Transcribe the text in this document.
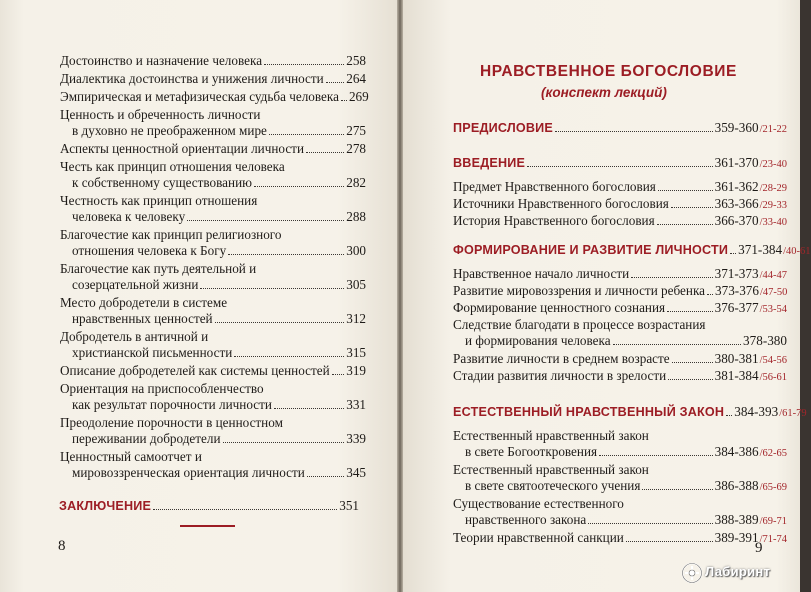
Достоинство и назначение человека	258
Диалектика достоинства и унижения личности 264
Эмпирическая и метафизическая судьба человека 269
Ценность и обреченность личности
в духовно не преображенном мире	275
Аспекты ценностной ориентации личности	278
Честь как принцип отношения человека
к собственному существованию	282
Честность как принцип отношения
человека к человеку	288
Благочестие как принцип религиозного
отношения человека к Богу	300
Благочестие как путь деятельной и
созерцательной жизни	305
Место добродетели в системе
нравственных ценностей	312
Добродетель в античной и
христианской письменности	315
Описание добродетелей как системы ценностей 319
Ориентация на приспособленчество
как результат порочности личности	331
Преодоление порочности в ценностном
переживании добродетели	339
Ценностный самоотчет и
мировоззренческая ориентация личности	345
ЗАКЛЮЧЕНИЕ	351
8
НРАВСТВЕННОЕ БОГОСЛОВИЕ
(конспект лекций)
ПРЕДИСЛОВИЕ	359-360 /21-22
ВВЕДЕНИЕ	361-370 /23-40
Предмет Нравственного богословия	361-362 /28-29
Источники Нравственного богословия	363-366 /29-33
История Нравственного богословия	366-370 /33-40
ФОРМИРОВАНИЕ И РАЗВИТИЕ ЛИЧНОСТИ 371-384 /40-61
Нравственное начало личности	371-373 /44-47
Развитие мировоззрения и личности ребенка 373-376 /47-50
Формирование ценностного сознания	376-377 /53-54
Следствие благодати в процессе возрастания
и формирования человека	378-380
Развитие личности в среднем возрасте	380-381 /54-56
Стадии развития личности в зрелости	381-384 /56-61
ЕСТЕСТВЕННЫЙ НРАВСТВЕННЫЙ ЗАКОН 384-393 /61-79
Естественный нравственный закон
в свете Богооткровения	384-386 /62-65
Естественный нравственный закон
в свете святоотеческого учения	386-388 /65-69
Существование естественного
нравственного закона	388-389 /69-71
Теории нравственной санкции	389-391 /71-74
9
Лабиринт
